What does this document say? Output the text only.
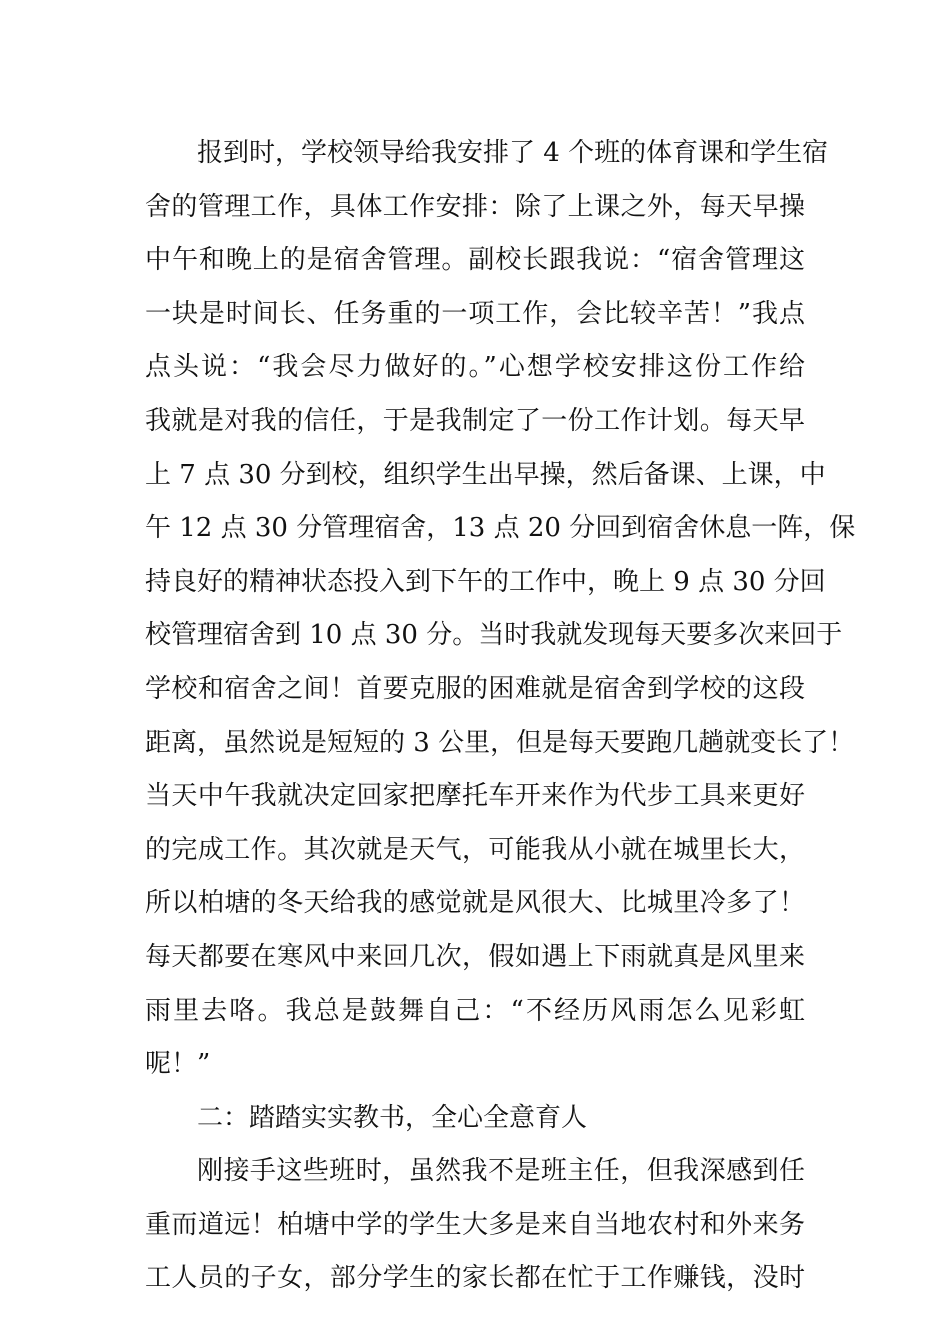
报到时，学校领导给我安排了 4 个班的体育课和学生宿
舍的管理工作，具体工作安排：除了上课之外，每天早操
中午和晚上的是宿舍管理。副校长跟我说：“宿舍管理这
一块是时间长、任务重的一项工作，会比较辛苦！”我点
点头说：“我会尽力做好的。”心想学校安排这份工作给
我就是对我的信任，于是我制定了一份工作计划。每天早
上 7 点 30 分到校，组织学生出早操，然后备课、上课，中
午 12 点 30 分管理宿舍，13 点 20 分回到宿舍休息一阵，保
持良好的精神状态投入到下午的工作中，晚上 9 点 30 分回
校管理宿舍到 10 点 30 分。当时我就发现每天要多次来回于
学校和宿舍之间！首要克服的困难就是宿舍到学校的这段
距离，虽然说是短短的 3 公里，但是每天要跑几趟就变长了！
当天中午我就决定回家把摩托车开来作为代步工具来更好
的完成工作。其次就是天气，可能我从小就在城里长大，
所以柏塘的冬天给我的感觉就是风很大、比城里冷多了！
每天都要在寒风中来回几次，假如遇上下雨就真是风里来
雨里去咯。我总是鼓舞自己：“不经历风雨怎么见彩虹
呢！”
二：踏踏实实教书，全心全意育人
刚接手这些班时，虽然我不是班主任，但我深感到任
重而道远！柏塘中学的学生大多是来自当地农村和外来务
工人员的子女，部分学生的家长都在忙于工作赚钱，没时
